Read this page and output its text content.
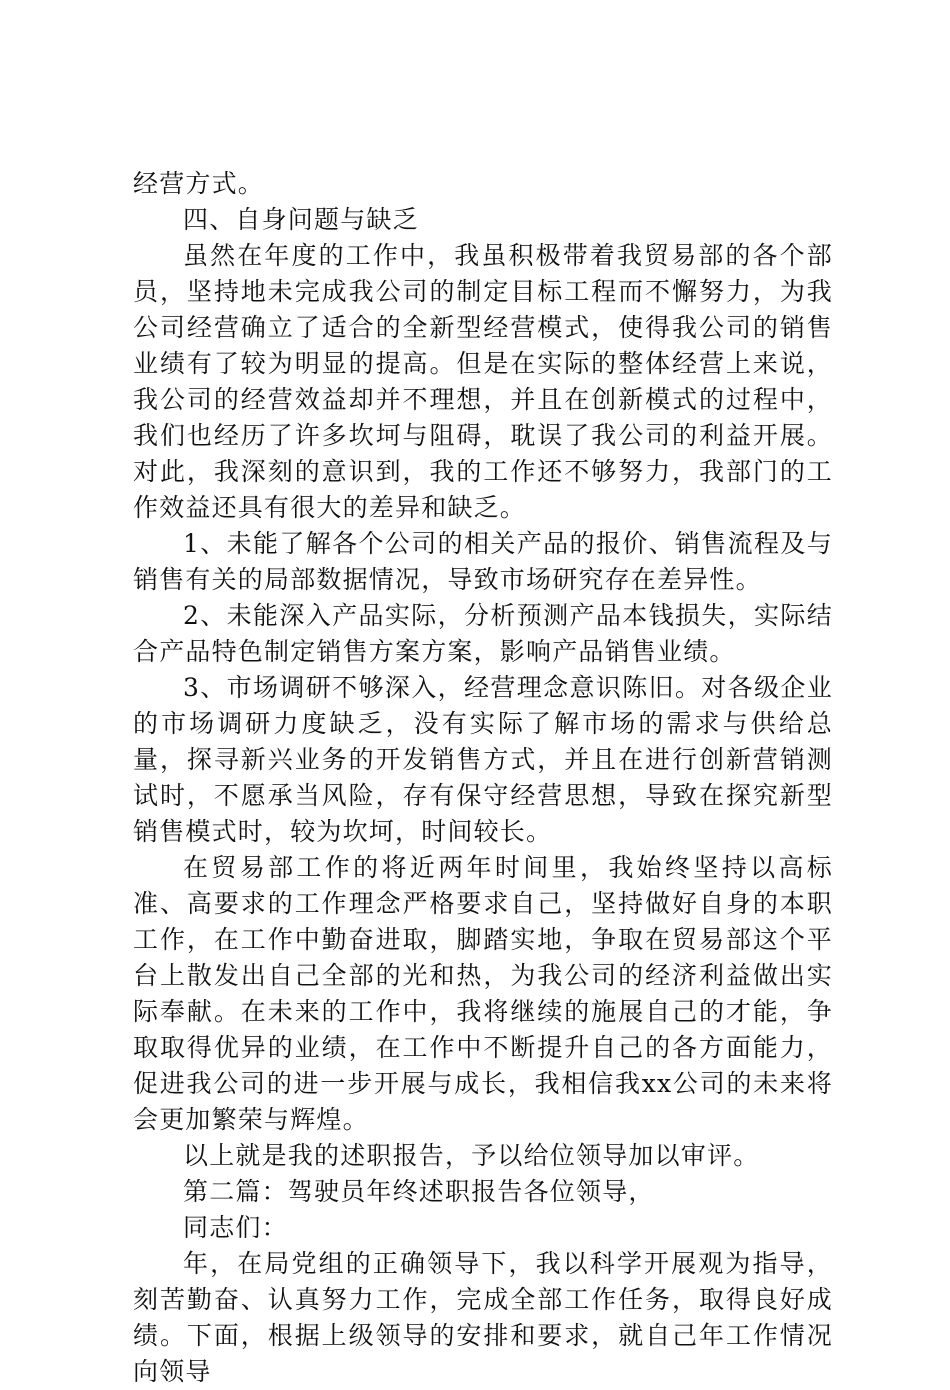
经营方式。

四、自身问题与缺乏

虽然在年度的工作中，我虽积极带着我贸易部的各个部员，坚持地未完成我公司的制定目标工程而不懈努力，为我公司经营确立了适合的全新型经营模式，使得我公司的销售业绩有了较为明显的提高。但是在实际的整体经营上来说，我公司的经营效益却并不理想，并且在创新模式的过程中，我们也经历了许多坎坷与阻碍，耽误了我公司的利益开展。对此，我深刻的意识到，我的工作还不够努力，我部门的工作效益还具有很大的差异和缺乏。

1、未能了解各个公司的相关产品的报价、销售流程及与销售有关的局部数据情况，导致市场研究存在差异性。

2、未能深入产品实际，分析预测产品本钱损失，实际结合产品特色制定销售方案方案，影响产品销售业绩。

3、市场调研不够深入，经营理念意识陈旧。对各级企业的市场调研力度缺乏，没有实际了解市场的需求与供给总量，探寻新兴业务的开发销售方式，并且在进行创新营销测试时，不愿承当风险，存有保守经营思想，导致在探究新型销售模式时，较为坎坷，时间较长。

在贸易部工作的将近两年时间里，我始终坚持以高标准、高要求的工作理念严格要求自己，坚持做好自身的本职工作，在工作中勤奋进取，脚踏实地，争取在贸易部这个平台上散发出自己全部的光和热，为我公司的经济利益做出实际奉献。在未来的工作中，我将继续的施展自己的才能，争取取得优异的业绩，在工作中不断提升自己的各方面能力，促进我公司的进一步开展与成长，我相信我xx公司的未来将会更加繁荣与辉煌。

以上就是我的述职报告，予以给位领导加以审评。

第二篇：驾驶员年终述职报告各位领导，

同志们：

年，在局党组的正确领导下，我以科学开展观为指导，刻苦勤奋、认真努力工作，完成全部工作任务，取得良好成绩。下面，根据上级领导的安排和要求，就自己年工作情况向领导
